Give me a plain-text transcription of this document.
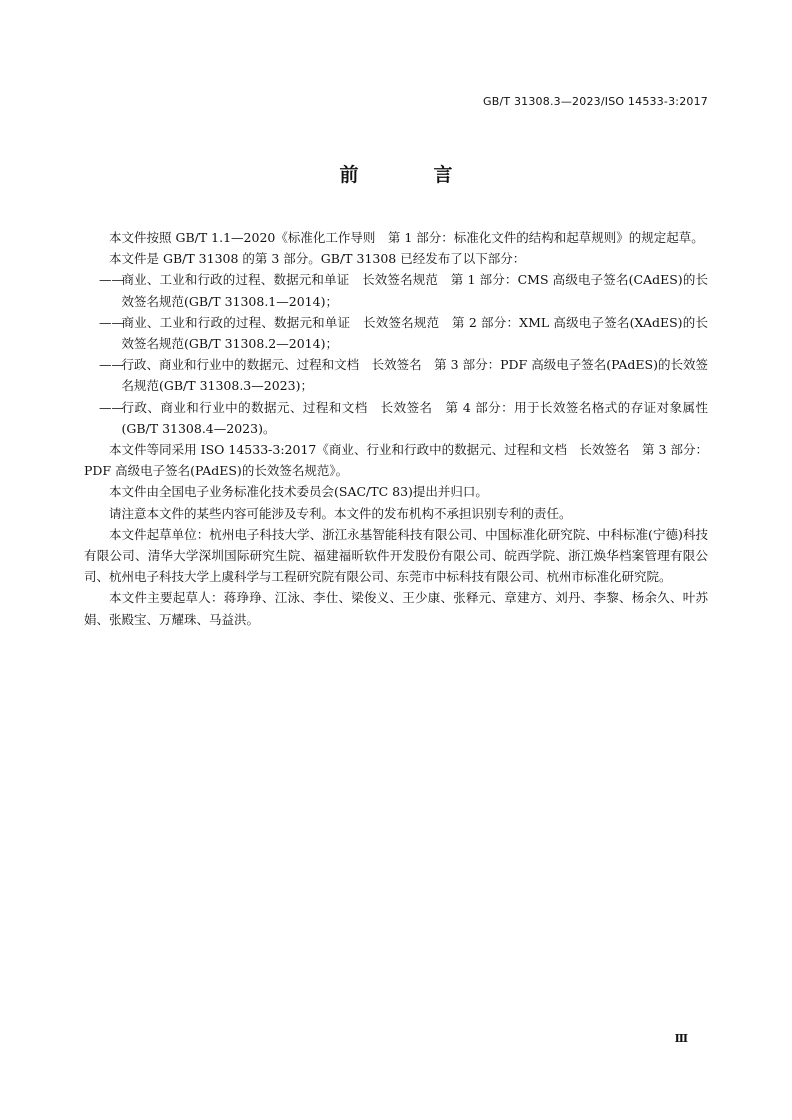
GB/T 31308.3—2023/ISO 14533-3:2017
前　言

本文件按照 GB/T 1.1—2020《标准化工作导则　第 1 部分：标准化文件的结构和起草规则》的规定起草。

本文件是 GB/T 31308 的第 3 部分。GB/T 31308 已经发布了以下部分：

——
商业、工业和行政的过程、数据元和单证　长效签名规范　第 1 部分：CMS 高级电子签名(CAdES)的长效签名规范(GB/T 31308.1—2014)；

——
商业、工业和行政的过程、数据元和单证　长效签名规范　第 2 部分：XML 高级电子签名(XAdES)的长效签名规范(GB/T 31308.2—2014)；

——
行政、商业和行业中的数据元、过程和文档　长效签名　第 3 部分：PDF 高级电子签名(PAdES)的长效签名规范(GB/T 31308.3—2023)；

——
行政、商业和行业中的数据元、过程和文档　长效签名　第 4 部分：用于长效签名格式的存证对象属性(GB/T 31308.4—2023)。

本文件等同采用 ISO 14533-3:2017《商业、行业和行政中的数据元、过程和文档　长效签名　第 3 部分：PDF 高级电子签名(PAdES)的长效签名规范》。

本文件由全国电子业务标准化技术委员会(SAC/TC 83)提出并归口。

请注意本文件的某些内容可能涉及专利。本文件的发布机构不承担识别专利的责任。

本文件起草单位：杭州电子科技大学、浙江永基智能科技有限公司、中国标准化研究院、中科标准(宁德)科技有限公司、清华大学深圳国际研究生院、福建福昕软件开发股份有限公司、皖西学院、浙江焕华档案管理有限公司、杭州电子科技大学上虞科学与工程研究院有限公司、东莞市中标科技有限公司、杭州市标准化研究院。

本文件主要起草人：蒋琤琤、江泳、李仕、梁俊义、王少康、张释元、章建方、刘丹、李黎、杨余久、叶苏娟、张殿宝、万耀珠、马益洪。

Ⅲ
